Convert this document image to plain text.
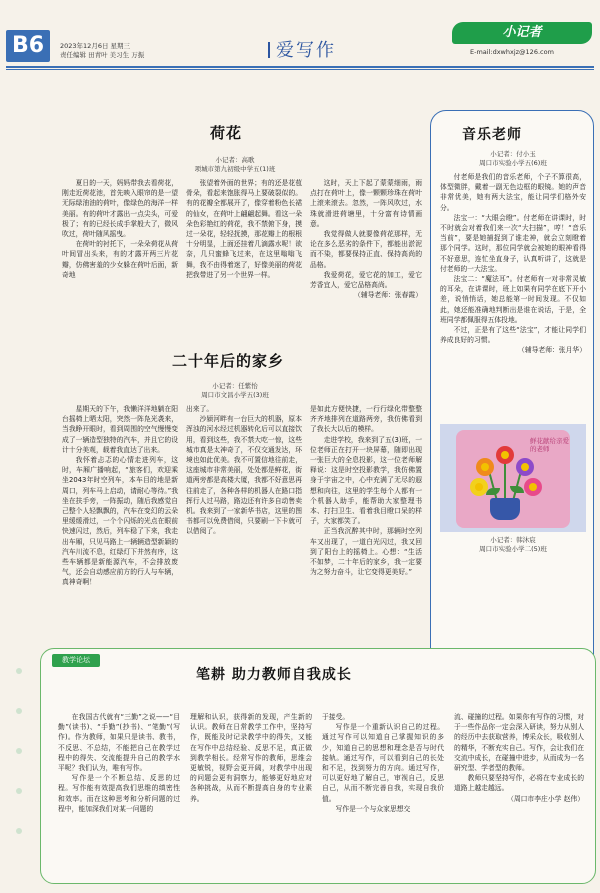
B6	2023年12月6日 星期三
责任编辑 田青叶 美习生 万振	爱写作
小记者
E-mail:dxwhxjz@126.com
荷花
小记者：高歌
项城市第九初级中学五(1)班

夏日的一天，妈妈带我去看荷花，刚走近荷花池，首先映入眼帘的是一望无际绿油油的荷叶，像绿色的海洋一样美丽。有的荷叶才露出一点尖头，可爱极了；有的已经长成手掌般大了，微风吹过，荷叶随风摇曳。

在荷叶的衬托下，一朵朵荷花从荷叶间冒出头来，有的才露开两三片花瓣，仿佛害羞的少女躲在荷叶后面，新奇地

张望着外面的世界；有的还是花苞骨朵，看起来饱胀得马上要破裂似的。有的花瓣全都展开了，像穿着粉色长裙的仙女，在荷叶上翩翩起舞。看这一朵朵色彩艳红的荷花，我不禁俯下身，摸过一朵花，轻轻抚摸，那花瓣上的根根十分明显，上面还挂着几滴露水呢！欲奈，几只蜜蜂飞过来，在这里嗡嗡飞舞，我不由得着迷了，好像美丽的荷花把我带进了另一个世界一样。

这时，天上下起了蒙蒙细雨，雨点打在荷叶上，像一颗颗珍珠在荷叶上滚来滚去。忽然，一阵风吹过，水珠就滑进荷塘里，十分富有诗情画意。

我觉得做人就要像荷花那样，无论在多么恶劣的条件下，都能出淤泥而不染，都要保持正直、保持高尚的品格。

我爱荷花，爱它花的加工，爱它芳香宜人，爱它品格高尚。

（辅导老师：张春霞）

二十年后的家乡
小记者：任紫怡
周口市文昌小学五(3)班

星期天的下午，我懒洋洋地躺在阳台摇椅上晒太阳，突然一阵凫光袭来，当我睁开眼时，看到周围的空气慢慢变成了一辆造型独特的汽车，并且它的设计十分美观，载着我直达了出来。

我怀着忐忑的心情走进列车，这时，车厢广播响起，“旅客们，欢迎乘坐2043年时空列车，本车目的地是新周口，列车马上启动，请耐心等待。”我坐在扶手旁，一阵振动，随后我感觉自己整个人轻飘飘的，汽车在变幻的云朵里缓缓滑过，一个个闪烁的光点在眼前快速闪过，然后，列车稳了下来，我走出车厢，只见马路上一辆辆造型新颖的汽车川流不息，红绿灯下井然有序，这些车辆都是新能源汽车，不会排放废气，还会自动感应前方的行人与车辆，真神奇啊！

出来了。

沙颍河畔有一台巨大的机器，原本浑浊的河水经过机器转化后可以直接饮用，看到这些，我不禁大吃一惊，这些城市真是太神奇了，不仅交通发达，环境也如此优美。我不可置信地往前走，这座城市非常美丽，处处都是鲜花，街道两旁都是高楼大厦，我都不好意思再往前走了，各种各样的机器人在路口指挥行人过马路，路边还有许多自动售卖机。我来到了一家新华书店，这里的图书都可以免费借阅，只要刷一下卡就可以借阅了。

是如此方便快捷，一行行绿化带整整齐齐地排列在道路两旁，我仿佛看到了我长大以后的模样。

走进学校，我来到了五(3)班，一位老师正在打开一块屏幕，随即出现一张巨大的全息投影，这一位老师解释说：这是时空投影教学，我仿佛置身于宇宙之中，心中充满了无尽的遐想和向往，这里的学生每个人都有一个机器人助手，能帮助大家整理书本、打扫卫生、看着我目瞪口呆的样子，大家都笑了。

正当我沉醉其中时，那辆时空列车又出现了，一道白光闪过，我又回到了阳台上的摇椅上。心想：“生活不如梦，二十年后的家乡，我一定要为之努力奋斗，让它变得更美好。”

音乐老师
小记者：付小玉
周口市实验小学五(6)班

付老师是我们的音乐老师，个子不算很高，体型微胖，戴着一副无色边框的眼镜。她的声音非常优美，她有两大法宝，能让同学们格外安分。

法宝一：“大眼会瞪”。付老师在讲课时，时不时就会对着我们来一次“大扫描”，哼！“音乐当前”，要是她捕捉到了谁走神，就会立刻瞪着那个同学。这时，那位同学就会被她的眼神看得不好意思，连忙坐直身子，认真听讲了，这就是付老师的一大法宝。

法宝二：“魔法耳”。付老师有一对非常灵敏的耳朵，在讲课时，班上如果有同学在底下开小差，说悄悄话，她总能第一时间发现。不仅如此，她还能准确地判断出是谁在说话，于是，全班同学都佩服得五体投地。

不过，正是有了这些“法宝”，才能让同学们养成良好的习惯。

（辅导老师：张月华）

鲜花献给亲爱的老师
小记者：韩沐宸
周口市实验小学二(5)班
教学论坛
笔耕 助力教师自我成长

在我国古代就有“三勤”之说——“目勤”(读书)、“手勤”(抄书)、“笔勤”(写作)。作为教师，如果只是读书、教书，不反思、不总结，不能把自己在教学过程中的得失、交流能提升自己的教学水平呢？我们认为，唯有写作。

写作是一个不断总结、反思的过程。写作能有效提高我们思维的缜密性和效率。而在这种思考和分析问题的过程中，能加深我们对某一问题的

理解和认识，获得新的发现，产生新的认识。教师在日常教学工作中，坚持写作，既能及时记录教学中的得失，又能在写作中总结经验、反思不足，真正做到教学相长。经常写作的教师，思维会更敏锐，视野会更开阔，对教学中出现的问题会更有洞察力，能够更好地应对各种挑战，从而不断提高自身的专业素养。

于接受。

写作是一个重新认识自己的过程。通过写作可以知道自己掌握知识的多少，知道自己的思想和理念是否与时代接轨。通过写作，可以看到自己的长处和不足，找到努力的方向。通过写作，可以更好地了解自己，审视自己，反思自己，从而不断完善自我，实现自我价值。

写作是一个与众家思想交

流、碰撞的过程。如果你有写作的习惯，对于一些作品你一定会深入研读，努力从别人的经历中去获取营养，博采众长，吸收别人的精华，不断充实自己。写作，会让我们在交流中成长，在碰撞中进步，从而成为一名研究型、学者型的教师。

教师只要坚持写作，必将在专业成长的道路上越走越远。

（周口市李庄小学 赵伟）
